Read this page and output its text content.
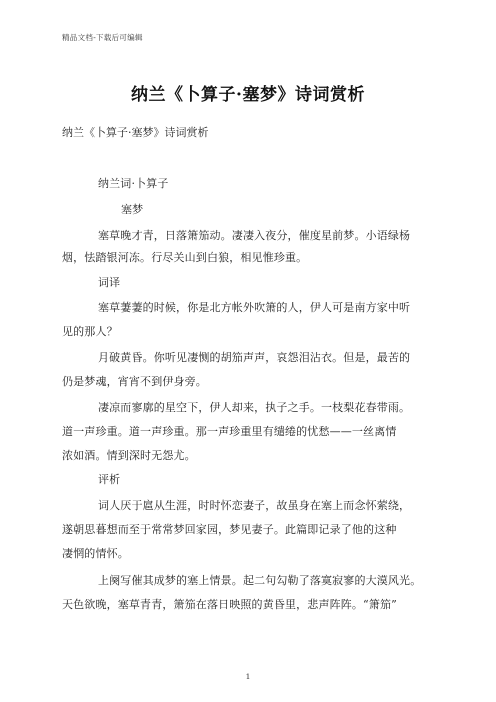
精品文档-下载后可编辑
纳兰《卜算子·塞梦》诗词赏析
纳兰《卜算子·塞梦》诗词赏析
纳兰词·卜算子
塞梦
塞草晚才青，日落箫笳动。凄凄入夜分，催度星前梦。小语绿杨
烟，怯踏银河冻。行尽关山到白狼，相见惟珍重。
词译
塞草萋萋的时候，你是北方帐外吹箫的人，伊人可是南方家中听
见的那人？
月破黄昏。你听见凄恻的胡笳声声，哀怨泪沾衣。但是，最苦的
仍是梦魂，宵宵不到伊身旁。
凄凉而寥廓的星空下，伊人却来，执子之手。一枝梨花春带雨。
道一声珍重。道一声珍重。那一声珍重里有缱绻的忧愁——一丝离情
浓如酒。情到深时无怨尤。
评析
词人厌于扈从生涯，时时怀恋妻子，故虽身在塞上而念怀萦绕，
遂朝思暮想而至于常常梦回家园，梦见妻子。此篇即记录了他的这种
凄惘的情怀。
上阕写催其成梦的塞上情景。起二句勾勒了落寞寂寥的大漠风光。
天色欲晚，塞草青青，箫笳在落日映照的黄昏里，悲声阵阵。“箫笳”
1
